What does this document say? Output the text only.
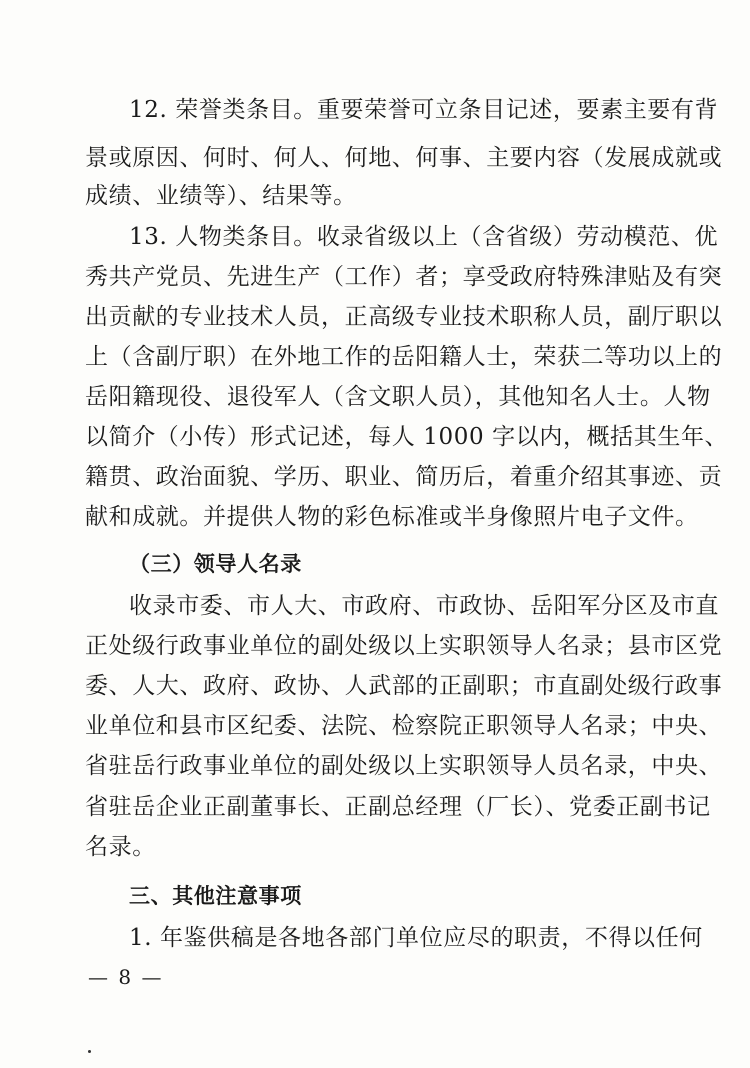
12. 荣誉类条目。重要荣誉可立条目记述，要素主要有背
景或原因、何时、何人、何地、何事、主要内容（发展成就或
成绩、业绩等）、结果等。
13. 人物类条目。收录省级以上（含省级）劳动模范、优
秀共产党员、先进生产（工作）者；享受政府特殊津贴及有突
出贡献的专业技术人员，正高级专业技术职称人员，副厅职以
上（含副厅职）在外地工作的岳阳籍人士，荣获二等功以上的
岳阳籍现役、退役军人（含文职人员），其他知名人士。人物
以简介（小传）形式记述，每人 1000 字以内，概括其生年、
籍贯、政治面貌、学历、职业、简历后，着重介绍其事迹、贡
献和成就。并提供人物的彩色标准或半身像照片电子文件。
（三）领导人名录
收录市委、市人大、市政府、市政协、岳阳军分区及市直
正处级行政事业单位的副处级以上实职领导人名录；县市区党
委、人大、政府、政协、人武部的正副职；市直副处级行政事
业单位和县市区纪委、法院、检察院正职领导人名录；中央、
省驻岳行政事业单位的副处级以上实职领导人员名录，中央、
省驻岳企业正副董事长、正副总经理（厂长）、党委正副书记
名录。
三、其他注意事项
1. 年鉴供稿是各地各部门单位应尽的职责，不得以任何
— 8 —
